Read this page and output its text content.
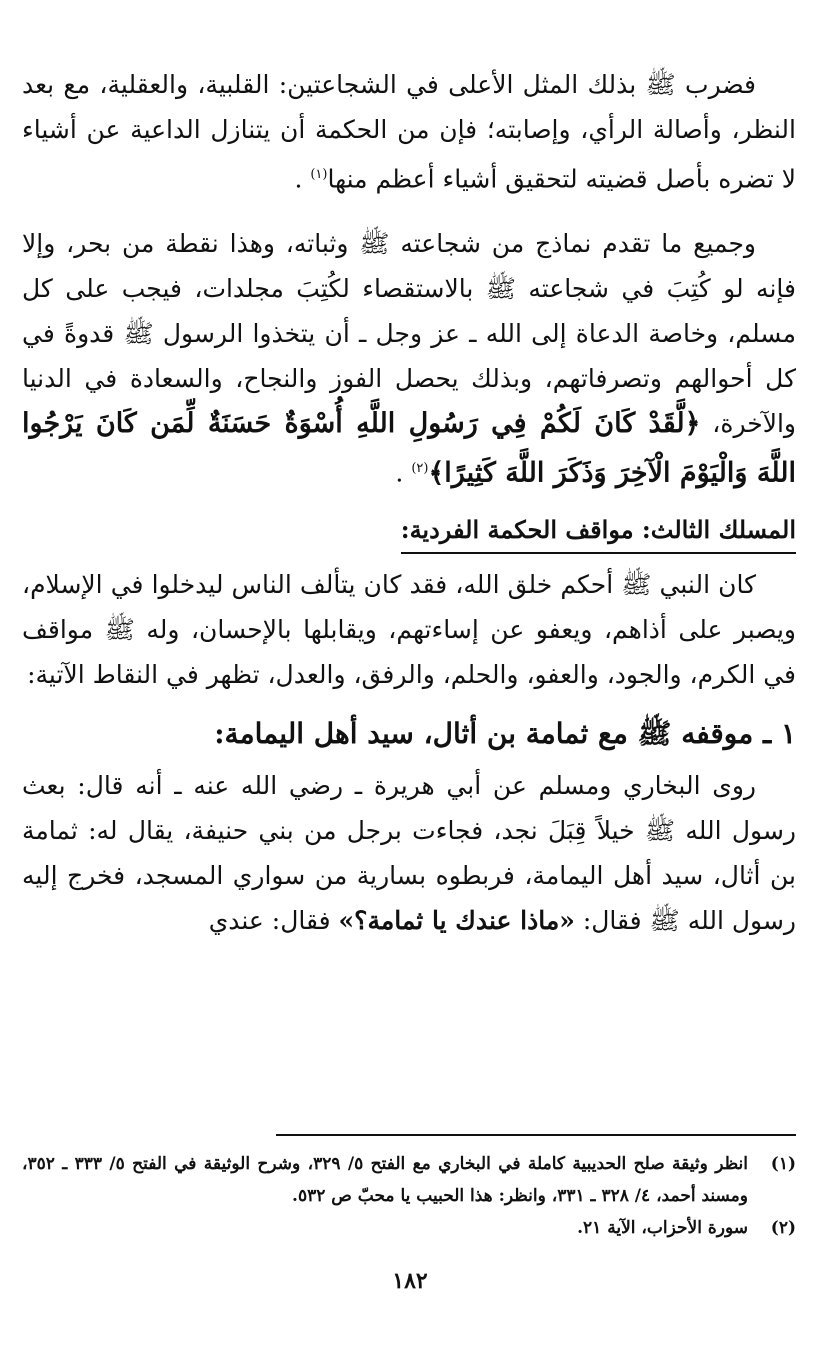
فضرب ﷺ بذلك المثل الأعلى في الشجاعتين: القلبية، والعقلية، مع بعد النظر، وأصالة الرأي، وإصابته؛ فإن من الحكمة أن يتنازل الداعية عن أشياء لا تضره بأصل قضيته لتحقيق أشياء أعظم منها$^{(١)}$ .

وجميع ما تقدم نماذج من شجاعته ﷺ وثباته، وهذا نقطة من بحر، وإلا فإنه لو كُتِبَ في شجاعته ﷺ بالاستقصاء لكُتِبَ مجلدات، فيجب على كل مسلم، وخاصة الدعاة إلى الله ـ عز وجل ـ أن يتخذوا الرسول ﷺ قدوةً في كل أحوالهم وتصرفاتهم، وبذلك يحصل الفوز والنجاح، والسعادة في الدنيا والآخرة، ﴿لَّقَدْ كَانَ لَكُمْ فِي رَسُولِ اللَّهِ أُسْوَةٌ حَسَنَةٌ لِّمَن كَانَ يَرْجُوا اللَّهَ وَالْيَوْمَ الْآخِرَ وَذَكَرَ اللَّهَ كَثِيرًا﴾$^{(٢)}$ .

المسلك الثالث: مواقف الحكمة الفردية:

كان النبي ﷺ أحكم خلق الله، فقد كان يتألف الناس ليدخلوا في الإسلام، ويصبر على أذاهم، ويعفو عن إساءتهم، ويقابلها بالإحسان، وله ﷺ مواقف في الكرم، والجود، والعفو، والحلم، والرفق، والعدل، تظهر في النقاط الآتية:

١ ـ موقفه ﷺ مع ثمامة بن أثال، سيد أهل اليمامة:

روى البخاري ومسلم عن أبي هريرة ـ رضي الله عنه ـ أنه قال: بعث رسول الله ﷺ خيلاً قِبَلَ نجد، فجاءت برجل من بني حنيفة، يقال له: ثمامة بن أثال، سيد أهل اليمامة، فربطوه بسارية من سواري المسجد، فخرج إليه رسول الله ﷺ فقال: «ماذا عندك يا ثمامة؟» فقال: عندي

(١)
انظر وثيقة صلح الحديبية كاملة في البخاري مع الفتح ٥/ ٣٢٩، وشرح الوثيقة في الفتح ٥/ ٣٣٣ ـ ٣٥٢، ومسند أحمد، ٤/ ٣٢٨ ـ ٣٣١، وانظر: هذا الحبيب يا محبّ ص ٥٣٢.

(٢)
سورة الأحزاب، الآية ٢١.

١٨٢
